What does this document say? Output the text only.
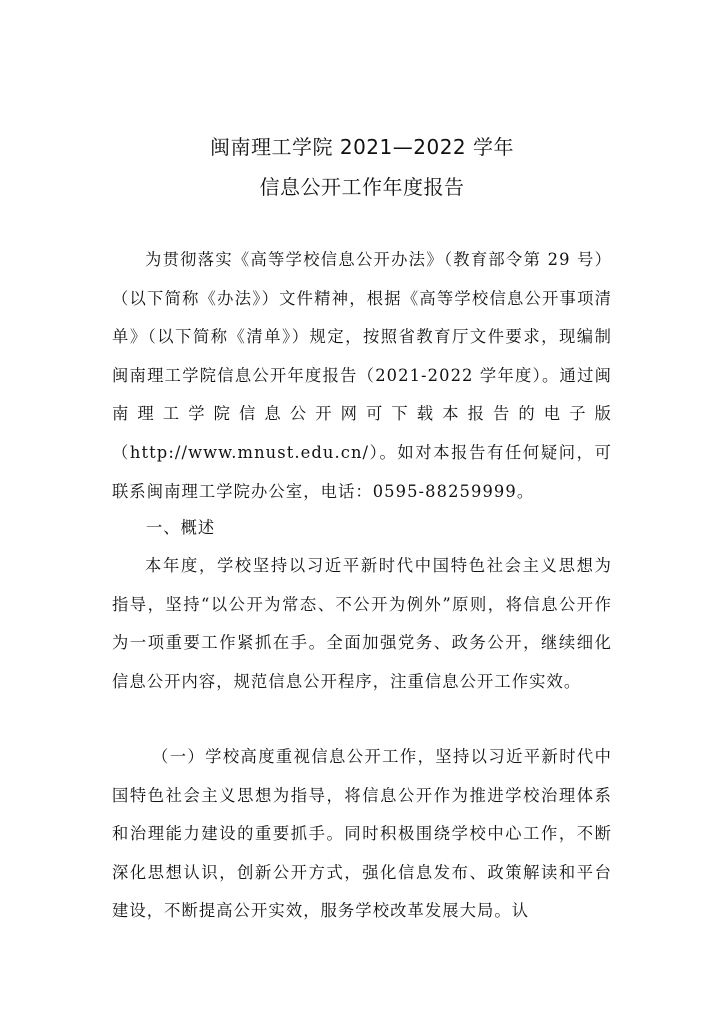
闽南理工学院 2021—2022 学年
信息公开工作年度报告

为贯彻落实《高等学校信息公开办法》（教育部令第 29 号）（以下简称《办法》）文件精神，根据《高等学校信息公开事项清单》（以下简称《清单》）规定，按照省教育厅文件要求，现编制闽南理工学院信息公开年度报告（2021-2022 学年度）。通过闽南理工学院信息公开网可下载本报告的电子版（http://www.mnust.edu.cn/）。如对本报告有任何疑问，可联系闽南理工学院办公室，电话：0595-88259999。

一、概述

本年度，学校坚持以习近平新时代中国特色社会主义思想为指导，坚持“以公开为常态、不公开为例外”原则，将信息公开作为一项重要工作紧抓在手。全面加强党务、政务公开，继续细化信息公开内容，规范信息公开程序，注重信息公开工作实效。

（一）学校高度重视信息公开工作，坚持以习近平新时代中国特色社会主义思想为指导，将信息公开作为推进学校治理体系和治理能力建设的重要抓手。同时积极围绕学校中心工作，不断深化思想认识，创新公开方式，强化信息发布、政策解读和平台建设，不断提高公开实效，服务学校改革发展大局。认
